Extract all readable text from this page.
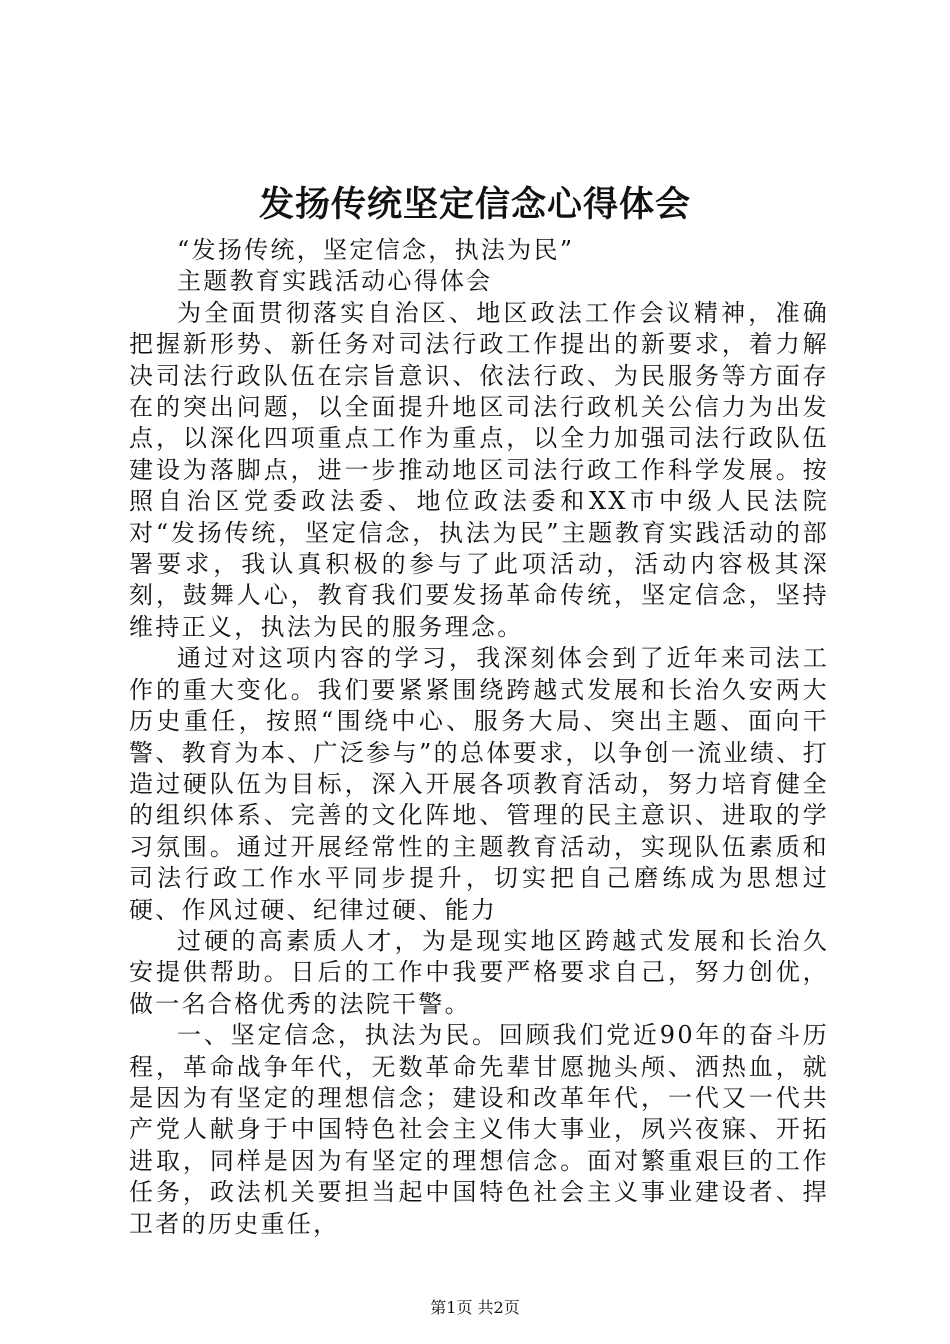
发扬传统坚定信念心得体会

“发扬传统，坚定信念，执法为民”

主题教育实践活动心得体会

为全面贯彻落实自治区、地区政法工作会议精神，准确把握新形势、新任务对司法行政工作提出的新要求，着力解决司法行政队伍在宗旨意识、依法行政、为民服务等方面存在的突出问题，以全面提升地区司法行政机关公信力为出发点，以深化四项重点工作为重点，以全力加强司法行政队伍建设为落脚点，进一步推动地区司法行政工作科学发展。按照自治区党委政法委、地位政法委和XX市中级人民法院对“发扬传统，坚定信念，执法为民”主题教育实践活动的部署要求，我认真积极的参与了此项活动，活动内容极其深刻，鼓舞人心，教育我们要发扬革命传统，坚定信念，坚持维持正义，执法为民的服务理念。

通过对这项内容的学习，我深刻体会到了近年来司法工作的重大变化。我们要紧紧围绕跨越式发展和长治久安两大历史重任，按照“围绕中心、服务大局、突出主题、面向干警、教育为本、广泛参与”的总体要求，以争创一流业绩、打造过硬队伍为目标，深入开展各项教育活动，努力培育健全的组织体系、完善的文化阵地、管理的民主意识、进取的学习氛围。通过开展经常性的主题教育活动，实现队伍素质和司法行政工作水平同步提升，切实把自己磨练成为思想过硬、作风过硬、纪律过硬、能力

过硬的高素质人才，为是现实地区跨越式发展和长治久安提供帮助。日后的工作中我要严格要求自己，努力创优，做一名合格优秀的法院干警。

一、坚定信念，执法为民。回顾我们党近90年的奋斗历程，革命战争年代，无数革命先辈甘愿抛头颅、洒热血，就是因为有坚定的理想信念；建设和改革年代，一代又一代共产党人献身于中国特色社会主义伟大事业，夙兴夜寐、开拓进取，同样是因为有坚定的理想信念。面对繁重艰巨的工作任务，政法机关要担当起中国特色社会主义事业建设者、捍卫者的历史重任，

第1页 共2页
